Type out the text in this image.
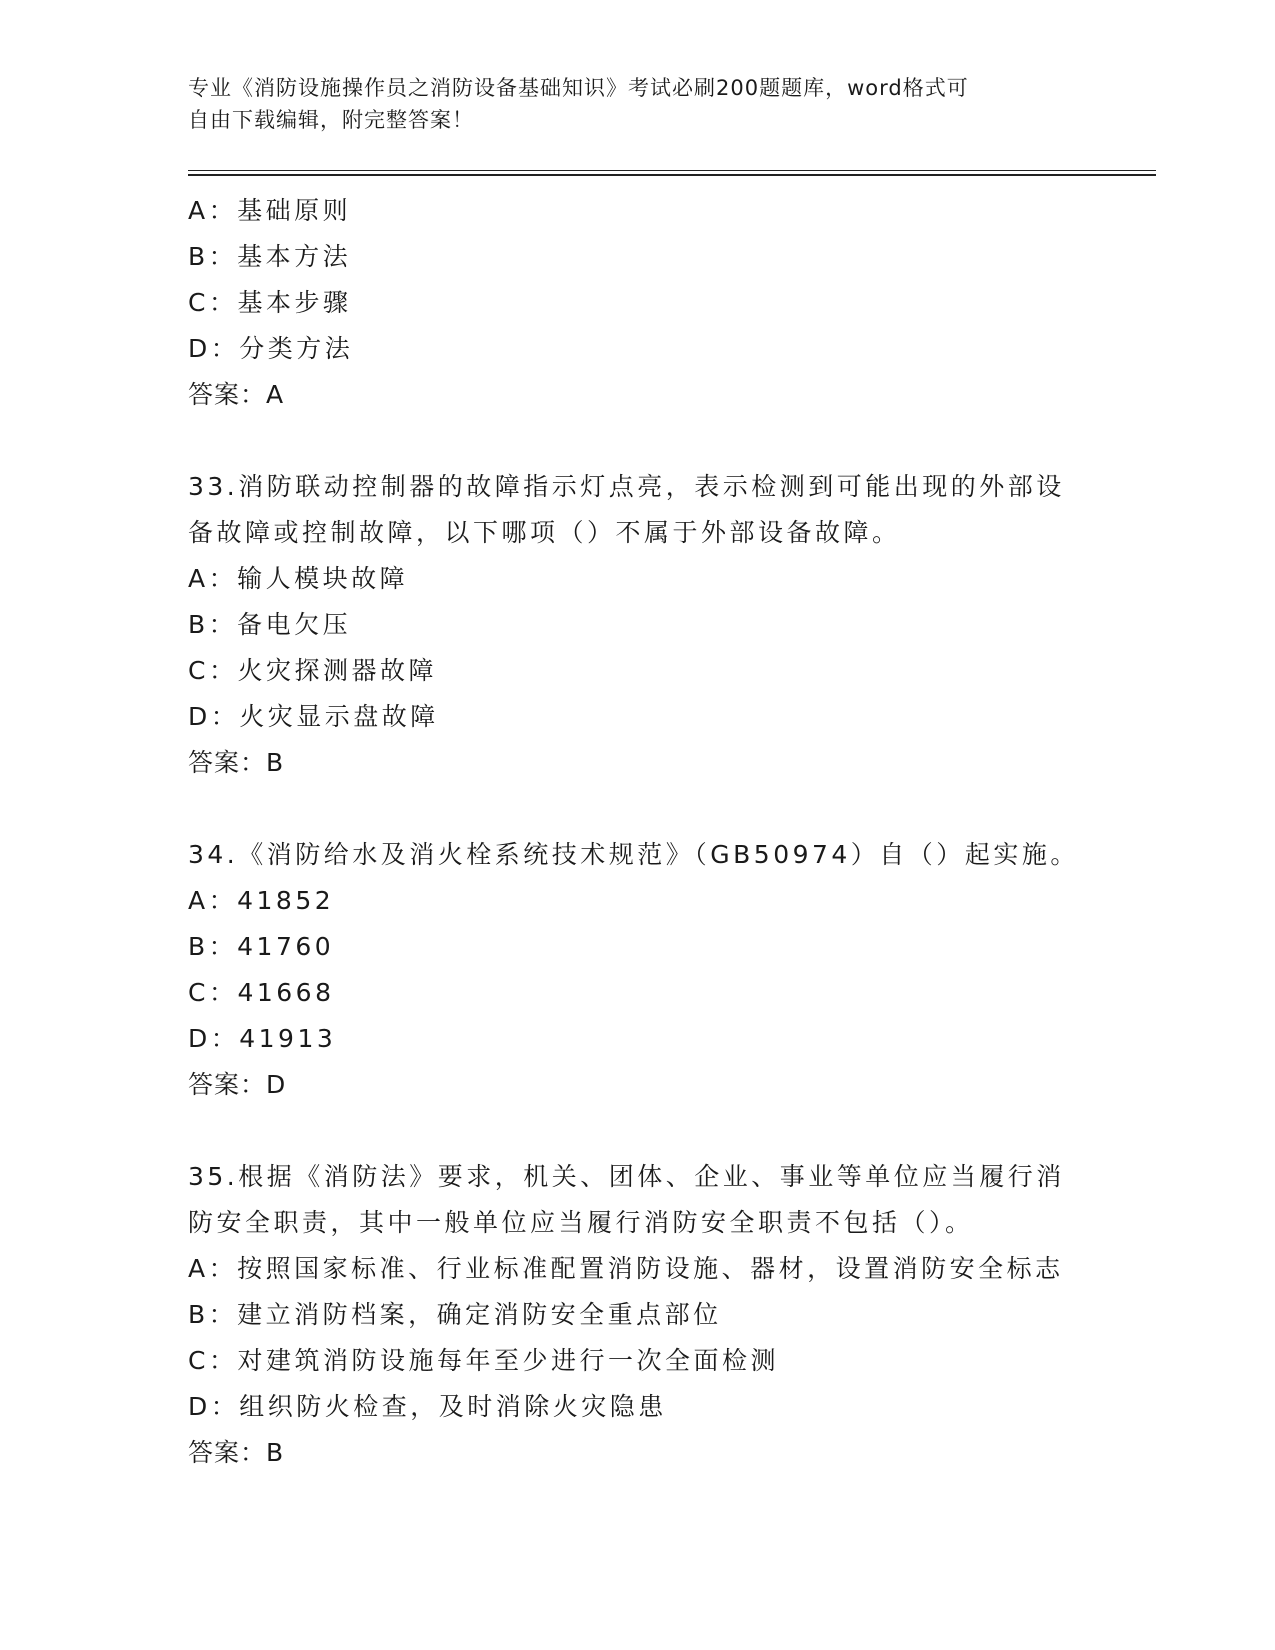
专业《消防设施操作员之消防设备基础知识》考试必刷200题题库，word格式可
自由下载编辑，附完整答案！
A：基础原则
B：基本方法
C：基本步骤
D：分类方法
答案：A
33.消防联动控制器的故障指示灯点亮，表示检测到可能出现的外部设
备故障或控制故障，以下哪项（）不属于外部设备故障。
A：输人模块故障
B：备电欠压
C：火灾探测器故障
D：火灾显示盘故障
答案：B
34.《消防给水及消火栓系统技术规范》（GB50974）自（）起实施。
A：41852
B：41760
C：41668
D：41913
答案：D
35.根据《消防法》要求，机关、团体、企业、事业等单位应当履行消
防安全职责，其中一般单位应当履行消防安全职责不包括（）。
A：按照国家标准、行业标准配置消防设施、器材，设置消防安全标志
B：建立消防档案，确定消防安全重点部位
C：对建筑消防设施每年至少进行一次全面检测
D：组织防火检查，及时消除火灾隐患
答案：B
